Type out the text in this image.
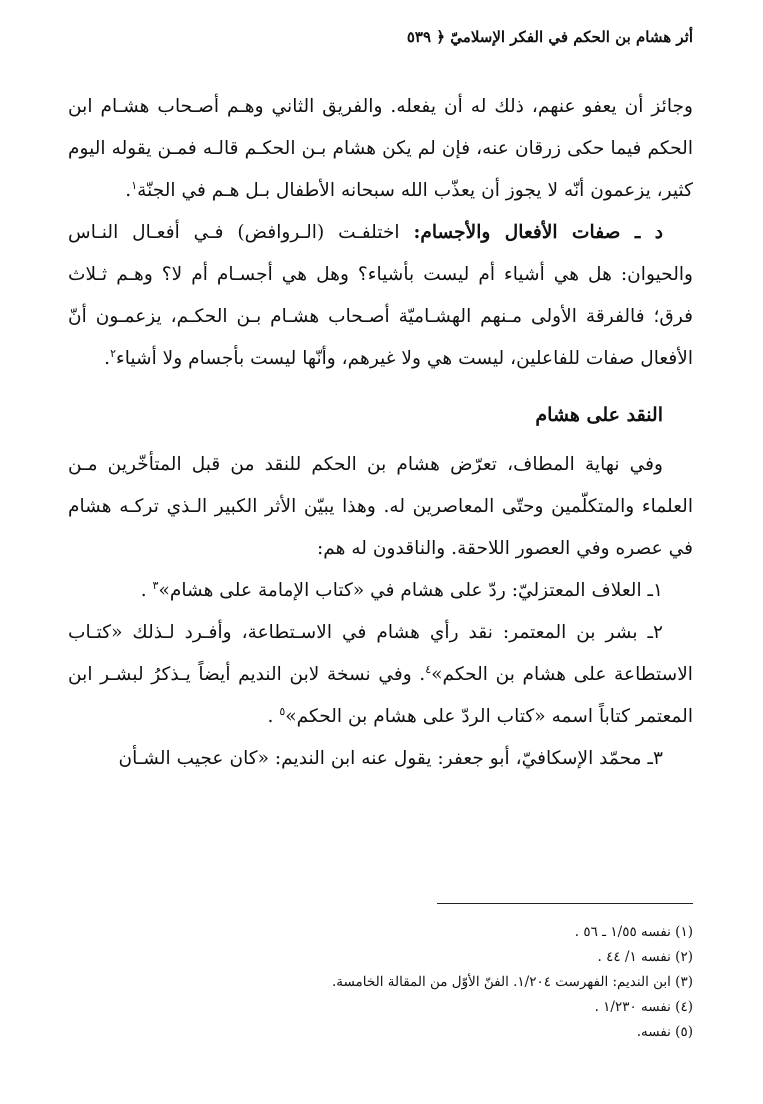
أثر هشام بن الحكم في الفكر الإسلاميّ ﴿ ٥٣٩

وجائز أن يعفو عنهم، ذلك له أن يفعله. والفريق الثاني وهـم أصـحاب هشـام ابن الحكم فيما حكى زرقان عنه، فإن لم يكن هشام بـن الحكـم قالـه فمـن يقوله اليوم كثير، يزعمون أنّه لا يجوز أن يعذّب الله سبحانه الأطفال بـل هـم في الجنّة$^١$.

د ـ صفات الأفعال والأجسام: اختلفـت (الـروافض) فـي أفعـال النـاس والحيوان: هل هي أشياء أم ليست بأشياء؟ وهل هي أجسـام أم لا؟ وهـم ثـلاث فرق؛ فالفرقة الأولى مـنهم الهشـاميّة أصـحاب هشـام بـن الحكـم، يزعمـون أنّ الأفعال صفات للفاعلين، ليست هي ولا غيرهم، وأنّها ليست بأجسام ولا أشياء$^٢$.

النقد على هشام

وفي نهاية المطاف، تعرّض هشام بن الحكم للنقد من قبل المتأخّرين مـن العلماء والمتكلّمين وحتّى المعاصرين له. وهذا يبيّن الأثر الكبير الـذي تركـه هشام في عصره وفي العصور اللاحقة. والناقدون له هم:

١ـ العلاف المعتزليّ: ردّ على هشام في «كتاب الإمامة على هشام»$^٣$ .

٢ـ بشر بن المعتمر: نقد رأي هشام في الاسـتطاعة، وأفـرد لـذلك «كتـاب الاستطاعة على هشام بن الحكم»$^٤$. وفي نسخة لابن النديم أيضاً يـذكرُ لبشـر ابن المعتمر كتاباً اسمه «كتاب الردّ على هشام بن الحكم»$^٥$ .

٣ـ محمّد الإسكافيّ، أبو جعفر: يقول عنه ابن النديم: «كان عجيب الشـأن

(١) نفسه ١/٥٥ ـ ٥٦ .
(٢) نفسه ١/ ٤٤ .
(٣) ابن النديم: الفهرست ١/٢٠٤. الفنّ الأوّل من المقالة الخامسة.
(٤) نفسه ١/٢٣٠ .
(٥) نفسه.
